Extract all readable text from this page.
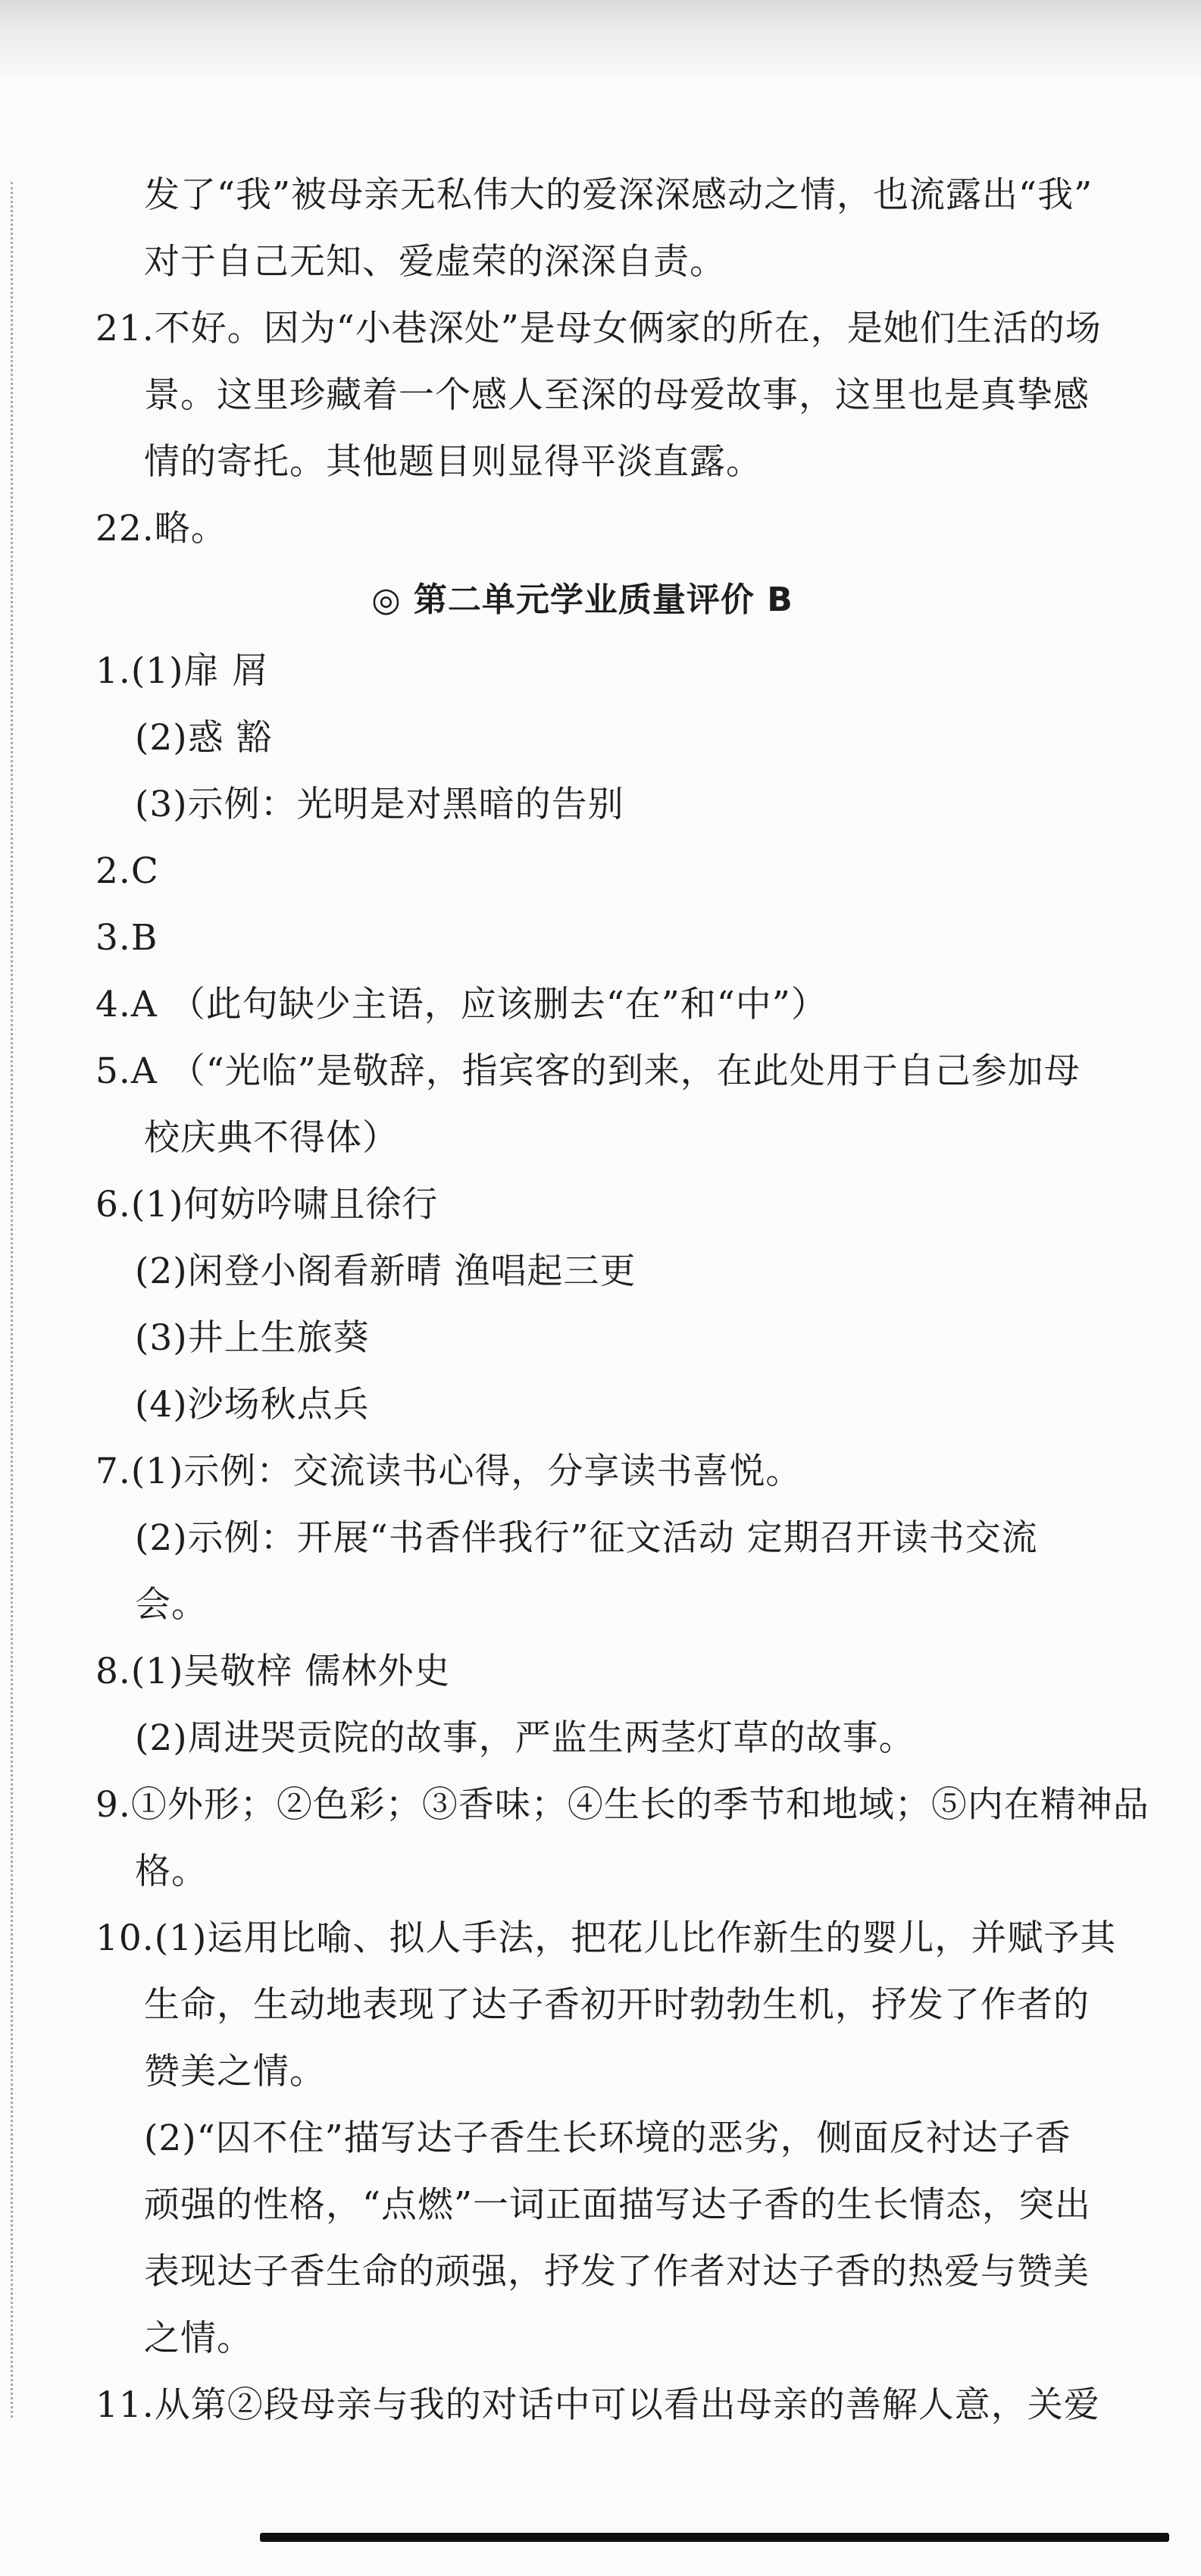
发了“我”被母亲无私伟大的爱深深感动之情，也流露出“我”
对于自己无知、爱虚荣的深深自责。
21.不好。因为“小巷深处”是母女俩家的所在，是她们生活的场
景。这里珍藏着一个感人至深的母爱故事，这里也是真挚感
情的寄托。其他题目则显得平淡直露。
22.略。
◎ 第二单元学业质量评价 B
1.(1)扉 屑
(2)惑 豁
(3)示例：光明是对黑暗的告别
2.C
3.B
4.A （此句缺少主语，应该删去“在”和“中”）
5.A （“光临”是敬辞，指宾客的到来，在此处用于自己参加母
校庆典不得体）
6.(1)何妨吟啸且徐行
(2)闲登小阁看新晴 渔唱起三更
(3)井上生旅葵
(4)沙场秋点兵
7.(1)示例：交流读书心得，分享读书喜悦。
(2)示例：开展“书香伴我行”征文活动 定期召开读书交流
会。
8.(1)吴敬梓 儒林外史
(2)周进哭贡院的故事，严监生两茎灯草的故事。
9.①外形；②色彩；③香味；④生长的季节和地域；⑤内在精神品
格。
10.(1)运用比喻、拟人手法，把花儿比作新生的婴儿，并赋予其
生命，生动地表现了达子香初开时勃勃生机，抒发了作者的
赞美之情。
(2)“囚不住”描写达子香生长环境的恶劣，侧面反衬达子香
顽强的性格，“点燃”一词正面描写达子香的生长情态，突出
表现达子香生命的顽强，抒发了作者对达子香的热爱与赞美
之情。
11.从第②段母亲与我的对话中可以看出母亲的善解人意，关爱
